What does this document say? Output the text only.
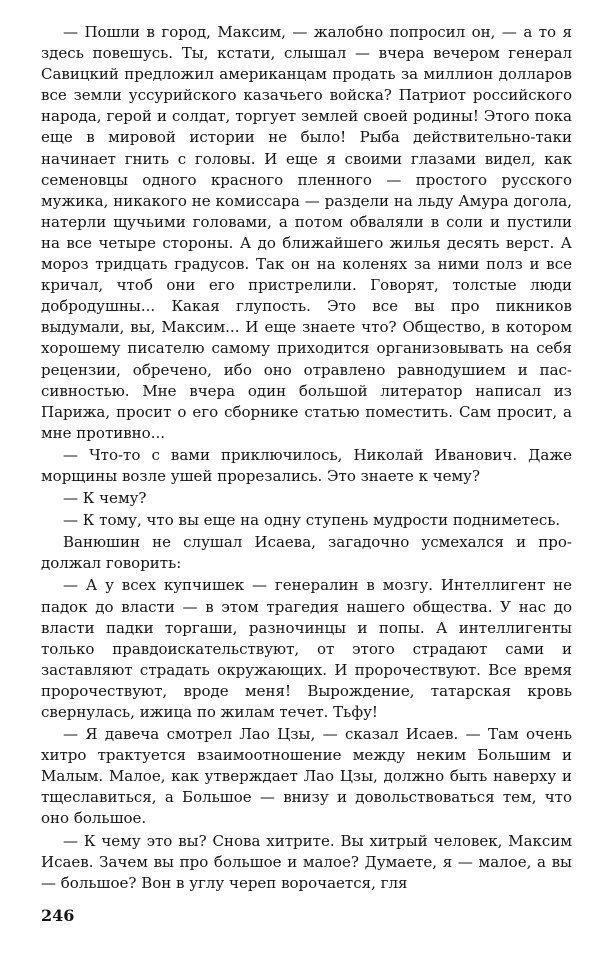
— Пошли в город, Максим, — жалобно попросил он, — а то я здесь повешусь. Ты, кстати, слышал — вчера вечером генерал Савицкий предложил американцам продать за миллион долларов все земли уссурийского казачьего войска? Патриот российского народа, герой и солдат, торгует землей своей родины! Этого пока еще в мировой истории не было! Рыба действительно-таки начинает гнить с головы. И еще я своими глазами видел, как семеновцы одного красного пленного — простого русского мужика, никакого не комиссара — раздели на льду Амура догола, натерли щучьими головами, а потом обваляли в соли и пустили на все четыре стороны. А до ближайшего жилья десять верст. А мороз тридцать градусов. Так он на коленях за ними полз и все кричал, чтоб они его пристрелили. Говорят, толстые люди добродушны... Какая глупость. Это все вы про пикников выдумали, вы, Максим... И еще знаете что? Общество, в котором хорошему писателю самому приходится организовывать на себя рецензии, обречено, ибо оно отравлено равнодушием и пассивностью. Мне вчера один большой литератор написал из Парижа, просит о его сборнике статью поместить. Сам просит, а мне противно...

— Что-то с вами приключилось, Николай Иванович. Даже морщины возле ушей прорезались. Это знаете к чему?

— К чему?

— К тому, что вы еще на одну ступень мудрости подниметесь.

Ванюшин не слушал Исаева, загадочно усмехался и продолжал говорить:

— А у всех купчишек — генералин в мозгу. Интеллигент не падок до власти — в этом трагедия нашего общества. У нас до власти падки торгаши, разночинцы и попы. А интеллигенты только правдоискательствуют, от этого страдают сами и заставляют страдать окружающих. И пророчествуют. Все время пророчествуют, вроде меня! Вырождение, татарская кровь свернулась, ижица по жилам течет. Тьфу!

— Я давеча смотрел Лао Цзы, — сказал Исаев. — Там очень хитро трактуется взаимоотношение между неким Большим и Малым. Малое, как утверждает Лао Цзы, должно быть наверху и тщеславиться, а Большое — внизу и довольствоваться тем, что оно большое.

— К чему это вы? Снова хитрите. Вы хитрый человек, Максим Исаев. Зачем вы про большое и малое? Думаете, я — малое, а вы — большое? Вон в углу череп ворочается, гля

246
